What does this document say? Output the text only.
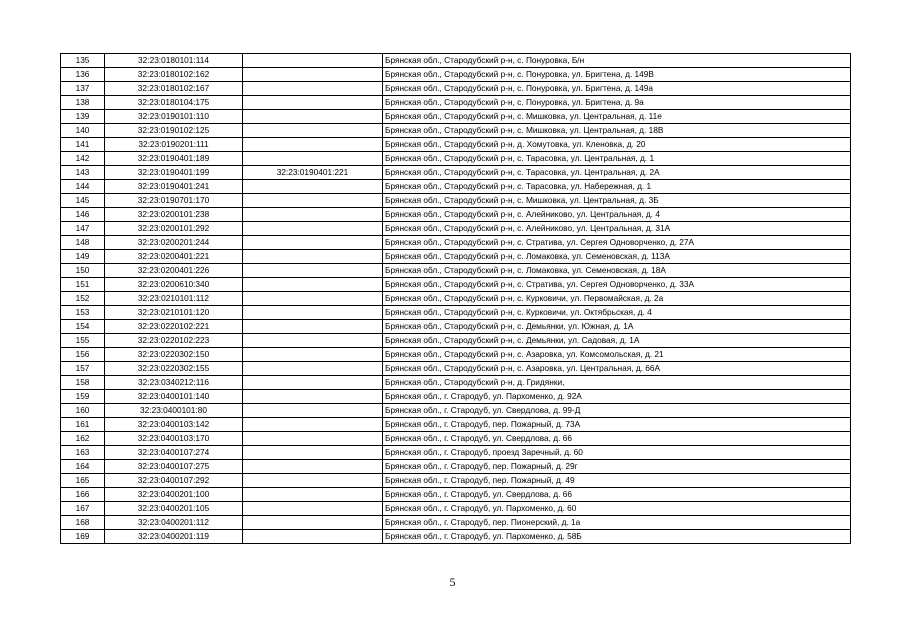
135	32:23:0180101:114		Брянская обл., Стародубский р-н, с. Понуровка, Б/н
136	32:23:0180102:162		Брянская обл., Стародубский р-н, с. Понуровка, ул. Бригтена, д. 149В
137	32:23:0180102:167		Брянская обл., Стародубский р-н, с. Понуровка, ул. Бригтена, д. 149а
138	32:23:0180104:175		Брянская обл., Стародубский р-н, с. Понуровка, ул. Бригтена, д. 9а
139	32:23:0190101:110		Брянская обл., Стародубский р-н, с. Мишковка, ул. Центральная, д. 11е
140	32:23:0190102:125		Брянская обл., Стародубский р-н, с. Мишковка, ул. Центральная, д. 18В
141	32:23:0190201:111		Брянская обл., Стародубский р-н, д. Хомутовка, ул. Кленовка, д. 20
142	32:23:0190401:189		Брянская обл., Стародубский р-н, с. Тарасовка, ул. Центральная, д. 1
143	32:23:0190401:199	32:23:0190401:221	Брянская обл., Стародубский р-н, с. Тарасовка, ул. Центральная, д. 2А
144	32:23:0190401:241		Брянская обл., Стародубский р-н, с. Тарасовка, ул. Набережная, д. 1
145	32:23:0190701:170		Брянская обл., Стародубский р-н, с. Мишковка, ул. Центральная, д. 3Б
146	32:23:0200101:238		Брянская обл., Стародубский р-н, с. Алейниково, ул. Центральная, д. 4
147	32:23:0200101:292		Брянская обл., Стародубский р-н, с. Алейниково, ул. Центральная, д. 31А
148	32:23:0200201:244		Брянская обл., Стародубский р-н, с. Стратива, ул. Сергея Одноворченко, д. 27А
149	32:23:0200401:221		Брянская обл., Стародубский р-н, с. Ломаковка, ул. Семеновская, д. 113А
150	32:23:0200401:226		Брянская обл., Стародубский р-н, с. Ломаковка, ул. Семеновская, д. 18А
151	32:23:0200610:340		Брянская обл., Стародубский р-н, с. Стратива, ул. Сергея Одноворченко, д. 33А
152	32:23:0210101:112		Брянская обл., Стародубский р-н, с. Курковичи, ул. Первомайская, д. 2а
153	32:23:0210101:120		Брянская обл., Стародубский р-н, с. Курковичи, ул. Октябрьская, д. 4
154	32:23:0220102:221		Брянская обл., Стародубский р-н, с. Демьянки, ул. Южная, д. 1А
155	32:23:0220102:223		Брянская обл., Стародубский р-н, с. Демьянки, ул. Садовая, д. 1А
156	32:23:0220302:150		Брянская обл., Стародубский р-н, с. Азаровка, ул. Комсомольская, д. 21
157	32:23:0220302:155		Брянская обл., Стародубский р-н, с. Азаровка, ул. Центральная, д. 66А
158	32:23:0340212:116		Брянская обл., Стародубский р-н, д. Гридянки,
159	32:23:0400101:140		Брянская обл., г. Стародуб, ул. Пархоменко, д. 92А
160	32:23:0400101:80		Брянская обл., г. Стародуб, ул. Свердлова, д. 99-Д
161	32:23:0400103:142		Брянская обл., г. Стародуб, пер. Пожарный, д. 73А
162	32:23:0400103:170		Брянская обл., г. Стародуб, ул. Свердлова, д. 66
163	32:23:0400107:274		Брянская обл., г. Стародуб, проезд Заречный, д. 60
164	32:23:0400107:275		Брянская обл., г. Стародуб, пер. Пожарный, д. 29г
165	32:23:0400107:292		Брянская обл., г. Стародуб, пер. Пожарный, д. 49
166	32:23:0400201:100		Брянская обл., г. Стародуб, ул. Свердлова, д. 66
167	32:23:0400201:105		Брянская обл., г. Стародуб, ул. Пархоменко, д. 60
168	32:23:0400201:112		Брянская обл., г. Стародуб, пер. Пионерский, д. 1а
169	32:23:0400201:119		Брянская обл., г. Стародуб, ул. Пархоменко, д. 58Б
5
